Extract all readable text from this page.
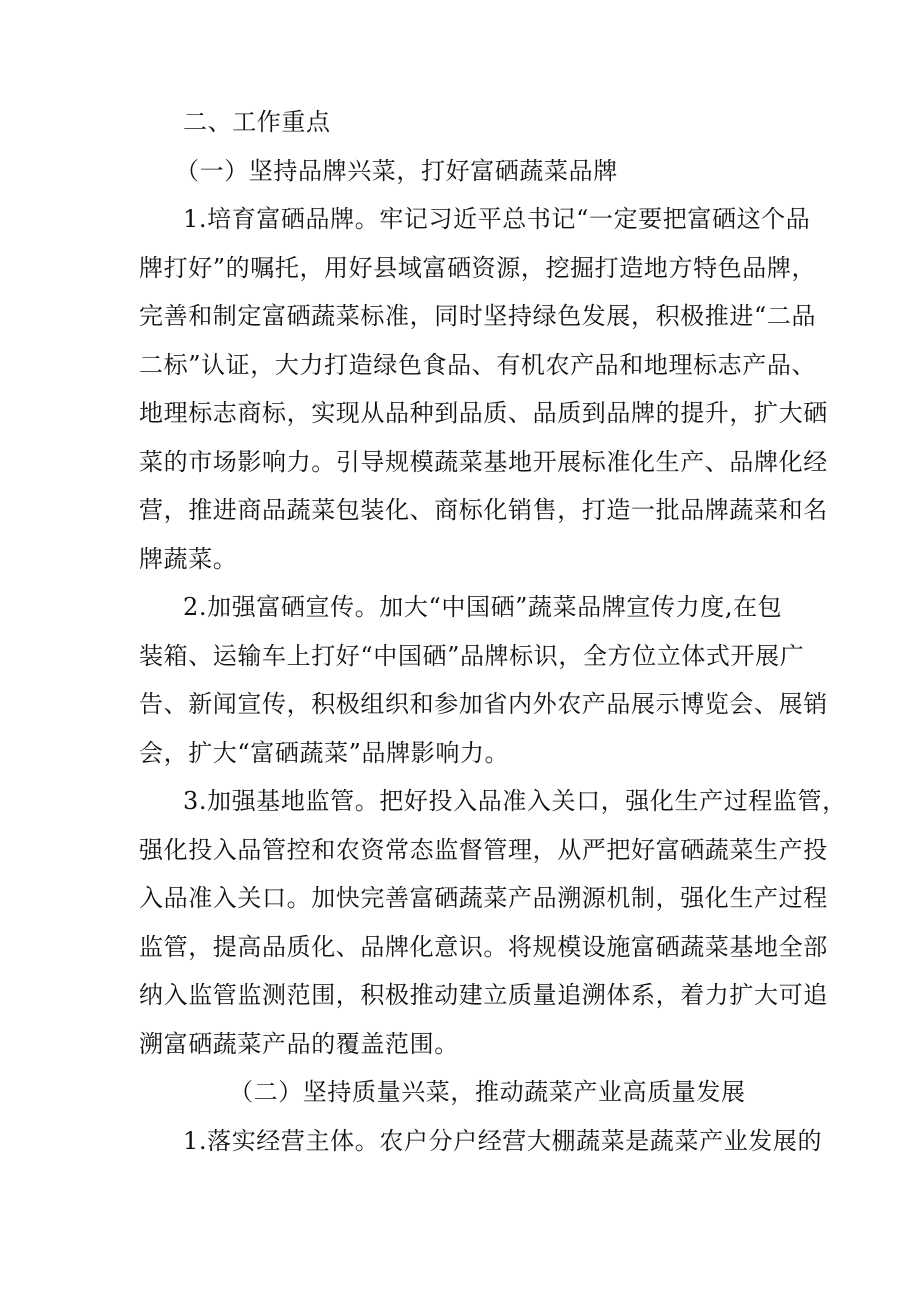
二、工作重点
（一）坚持品牌兴菜，打好富硒蔬菜品牌
1.培育富硒品牌。牢记习近平总书记“一定要把富硒这个品
牌打好”的嘱托，用好县域富硒资源，挖掘打造地方特色品牌，
完善和制定富硒蔬菜标准，同时坚持绿色发展，积极推进“二品
二标”认证，大力打造绿色食品、有机农产品和地理标志产品、
地理标志商标，实现从品种到品质、品质到品牌的提升，扩大硒
菜的市场影响力。引导规模蔬菜基地开展标准化生产、品牌化经
营，推进商品蔬菜包装化、商标化销售，打造一批品牌蔬菜和名
牌蔬菜。
2.加强富硒宣传。加大“中国硒”蔬菜品牌宣传力度,在包
装箱、运输车上打好“中国硒”品牌标识，全方位立体式开展广
告、新闻宣传，积极组织和参加省内外农产品展示博览会、展销
会，扩大“富硒蔬菜”品牌影响力。
3.加强基地监管。把好投入品准入关口，强化生产过程监管，
强化投入品管控和农资常态监督管理，从严把好富硒蔬菜生产投
入品准入关口。加快完善富硒蔬菜产品溯源机制，强化生产过程
监管，提高品质化、品牌化意识。将规模设施富硒蔬菜基地全部
纳入监管监测范围，积极推动建立质量追溯体系，着力扩大可追
溯富硒蔬菜产品的覆盖范围。
（二）坚持质量兴菜，推动蔬菜产业高质量发展
1.落实经营主体。农户分户经营大棚蔬菜是蔬菜产业发展的
